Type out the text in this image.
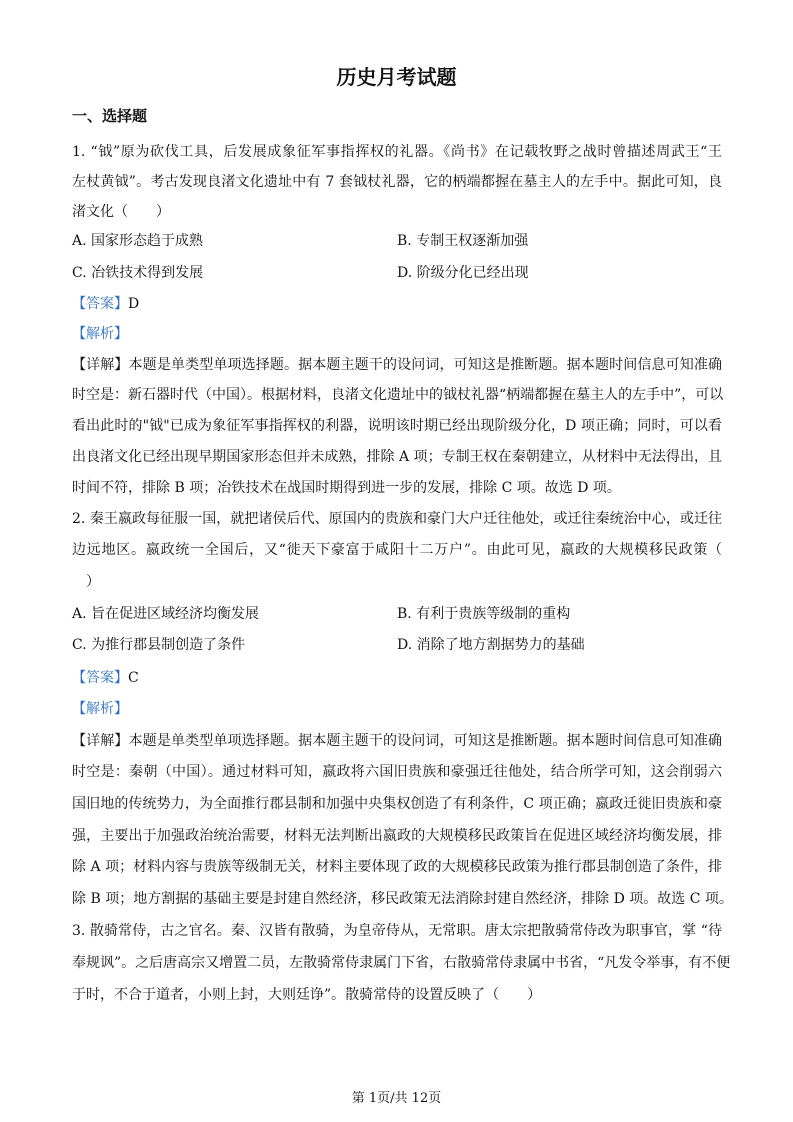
历史月考试题
一、选择题
1. “钺”原为砍伐工具，后发展成象征军事指挥权的礼器。《尚书》在记载牧野之战时曾描述周武王“王
左杖黄钺”。考古发现良渚文化遗址中有 7 套钺杖礼器，它的柄端都握在墓主人的左手中。据此可知，良
渚文化（　　）
A. 国家形态趋于成熟	B. 专制王权逐渐加强
C. 冶铁技术得到发展	D. 阶级分化已经出现
【答案】D
【解析】
【详解】本题是单类型单项选择题。据本题主题干的设问词，可知这是推断题。据本题时间信息可知准确
时空是：新石器时代（中国）。根据材料，良渚文化遗址中的钺杖礼器“柄端都握在墓主人的左手中”，可以
看出此时的"钺"已成为象征军事指挥权的利器，说明该时期已经出现阶级分化，D 项正确；同时，可以看
出良渚文化已经出现早期国家形态但并未成熟，排除 A 项；专制王权在秦朝建立，从材料中无法得出，且
时间不符，排除 B 项；冶铁技术在战国时期得到进一步的发展，排除 C 项。故选 D 项。
2. 秦王嬴政每征服一国，就把诸侯后代、原国内的贵族和豪门大户迁往他处，或迁往秦统治中心，或迁往
边远地区。嬴政统一全国后，又“徙天下豪富于咸阳十二万户”。由此可见，嬴政的大规模移民政策（
　）
A. 旨在促进区域经济均衡发展	B. 有利于贵族等级制的重构
C. 为推行郡县制创造了条件	D. 消除了地方割据势力的基础
【答案】C
【解析】
【详解】本题是单类型单项选择题。据本题主题干的设问词，可知这是推断题。据本题时间信息可知准确
时空是：秦朝（中国）。通过材料可知，嬴政将六国旧贵族和豪强迁往他处，结合所学可知，这会削弱六
国旧地的传统势力，为全面推行郡县制和加强中央集权创造了有利条件，C 项正确；嬴政迁徙旧贵族和豪
强，主要出于加强政治统治需要，材料无法判断出嬴政的大规模移民政策旨在促进区域经济均衡发展，排
除 A 项；材料内容与贵族等级制无关，材料主要体现了政的大规模移民政策为推行郡县制创造了条件，排
除 B 项；地方割据的基础主要是封建自然经济，移民政策无法消除封建自然经济，排除 D 项。故选 C 项。
3. 散骑常侍，古之官名。秦、汉皆有散骑，为皇帝侍从，无常职。唐太宗把散骑常侍改为职事官，掌 “待
奉规讽”。之后唐高宗又增置二员，左散骑常侍隶属门下省，右散骑常侍隶属中书省，“凡发令举事，有不便
于时，不合于道者，小则上封，大则廷诤”。散骑常侍的设置反映了（　　）
第 1页/共 12页
